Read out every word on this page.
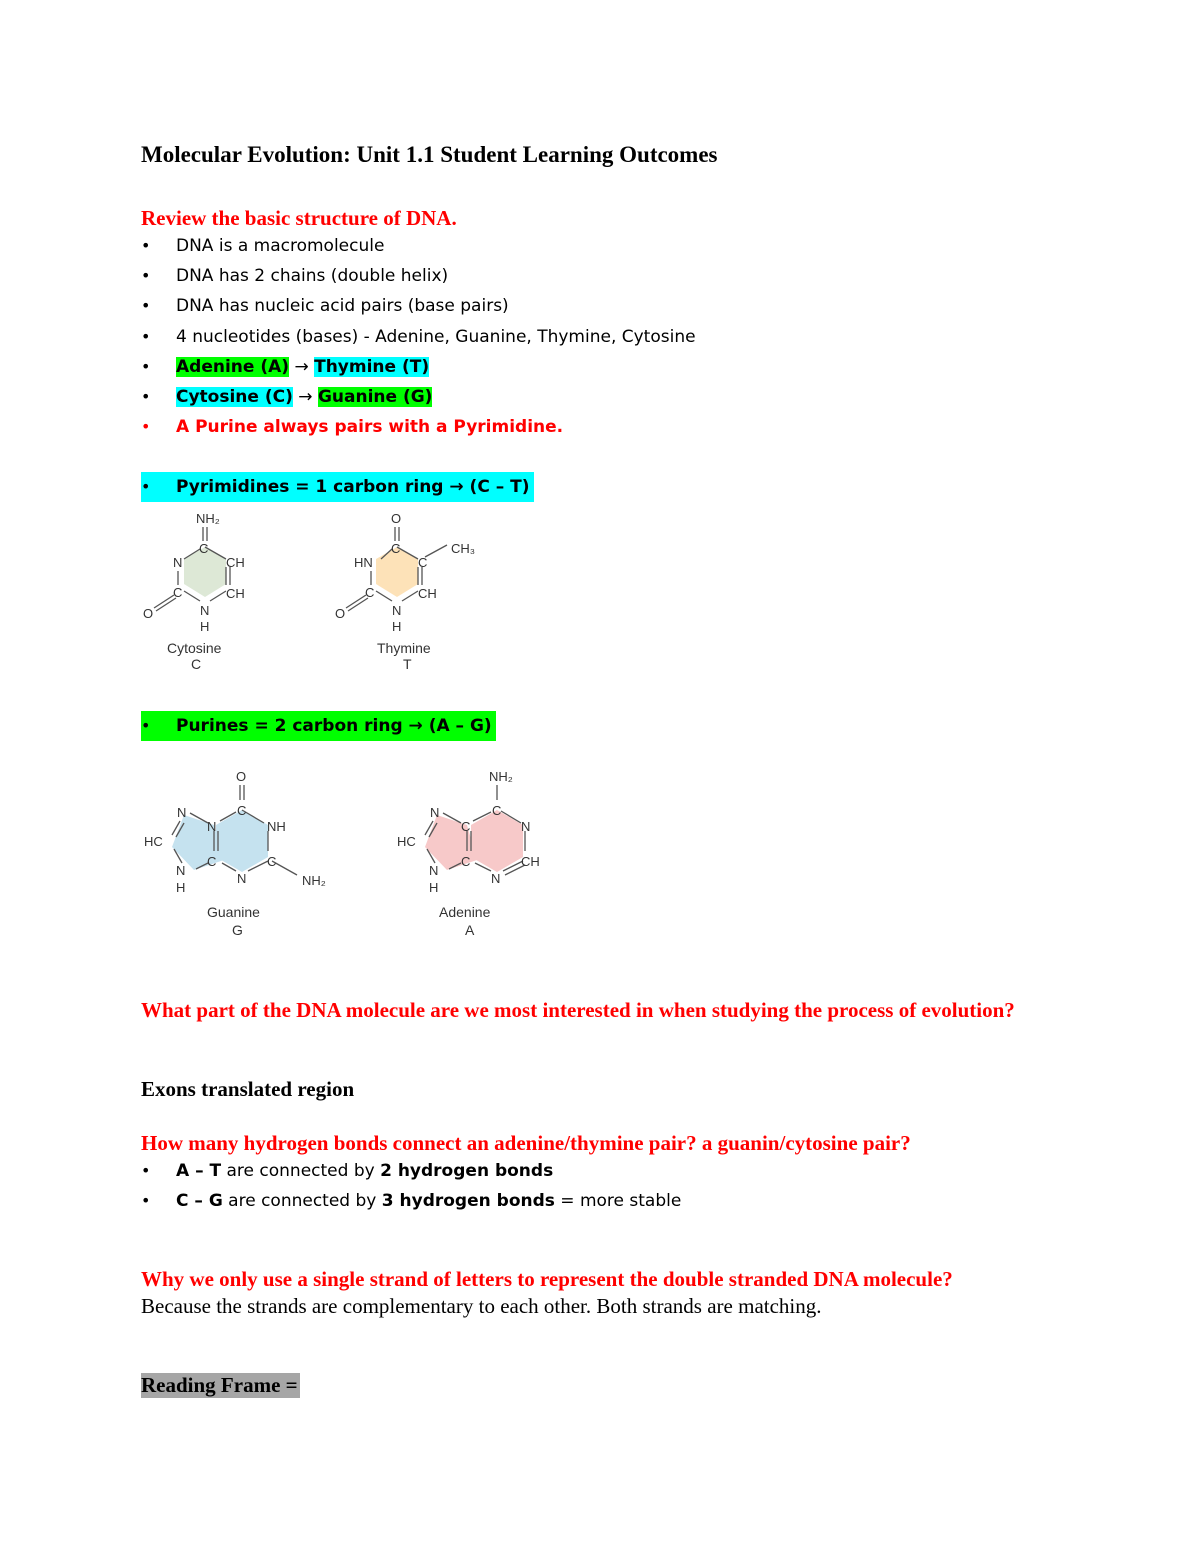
Molecular Evolution: Unit 1.1 Student Learning Outcomes
Review the basic structure of DNA.
• DNA is a macromolecule
• DNA has 2 chains (double helix)
• DNA has nucleic acid pairs (base pairs)
• 4 nucleotides (bases) - Adenine, Guanine, Thymine, Cytosine
• Adenine (A) → Thymine (T)
• Cytosine (C) → Guanine (G)
• A Purine always pairs with a Pyrimidine.
• Pyrimidines = 1 carbon ring → (C – T)
NH₂
C
CH
CH
N
H
C
N
O
Cytosine
C
O
C
C
CH₃
CH
N
H
C
HN
O
Thymine
T
• Purines = 2 carbon ring → (A – G)
O
C
NH
C
NH₂
N
C
N
N
HC
N
H
Guanine
G
NH₂
C
N
CH
N
C
C
N
HC
N
H
Adenine
A
What part of the DNA molecule are we most interested in when studying the process of evolution?
Exons translated region
How many hydrogen bonds connect an adenine/thymine pair? a guanin/cytosine pair?
• A – T are connected by 2 hydrogen bonds
• C – G are connected by 3 hydrogen bonds = more stable
Why we only use a single strand of letters to represent the double stranded DNA molecule?
Because the strands are complementary to each other. Both strands are matching.
Reading Frame =
